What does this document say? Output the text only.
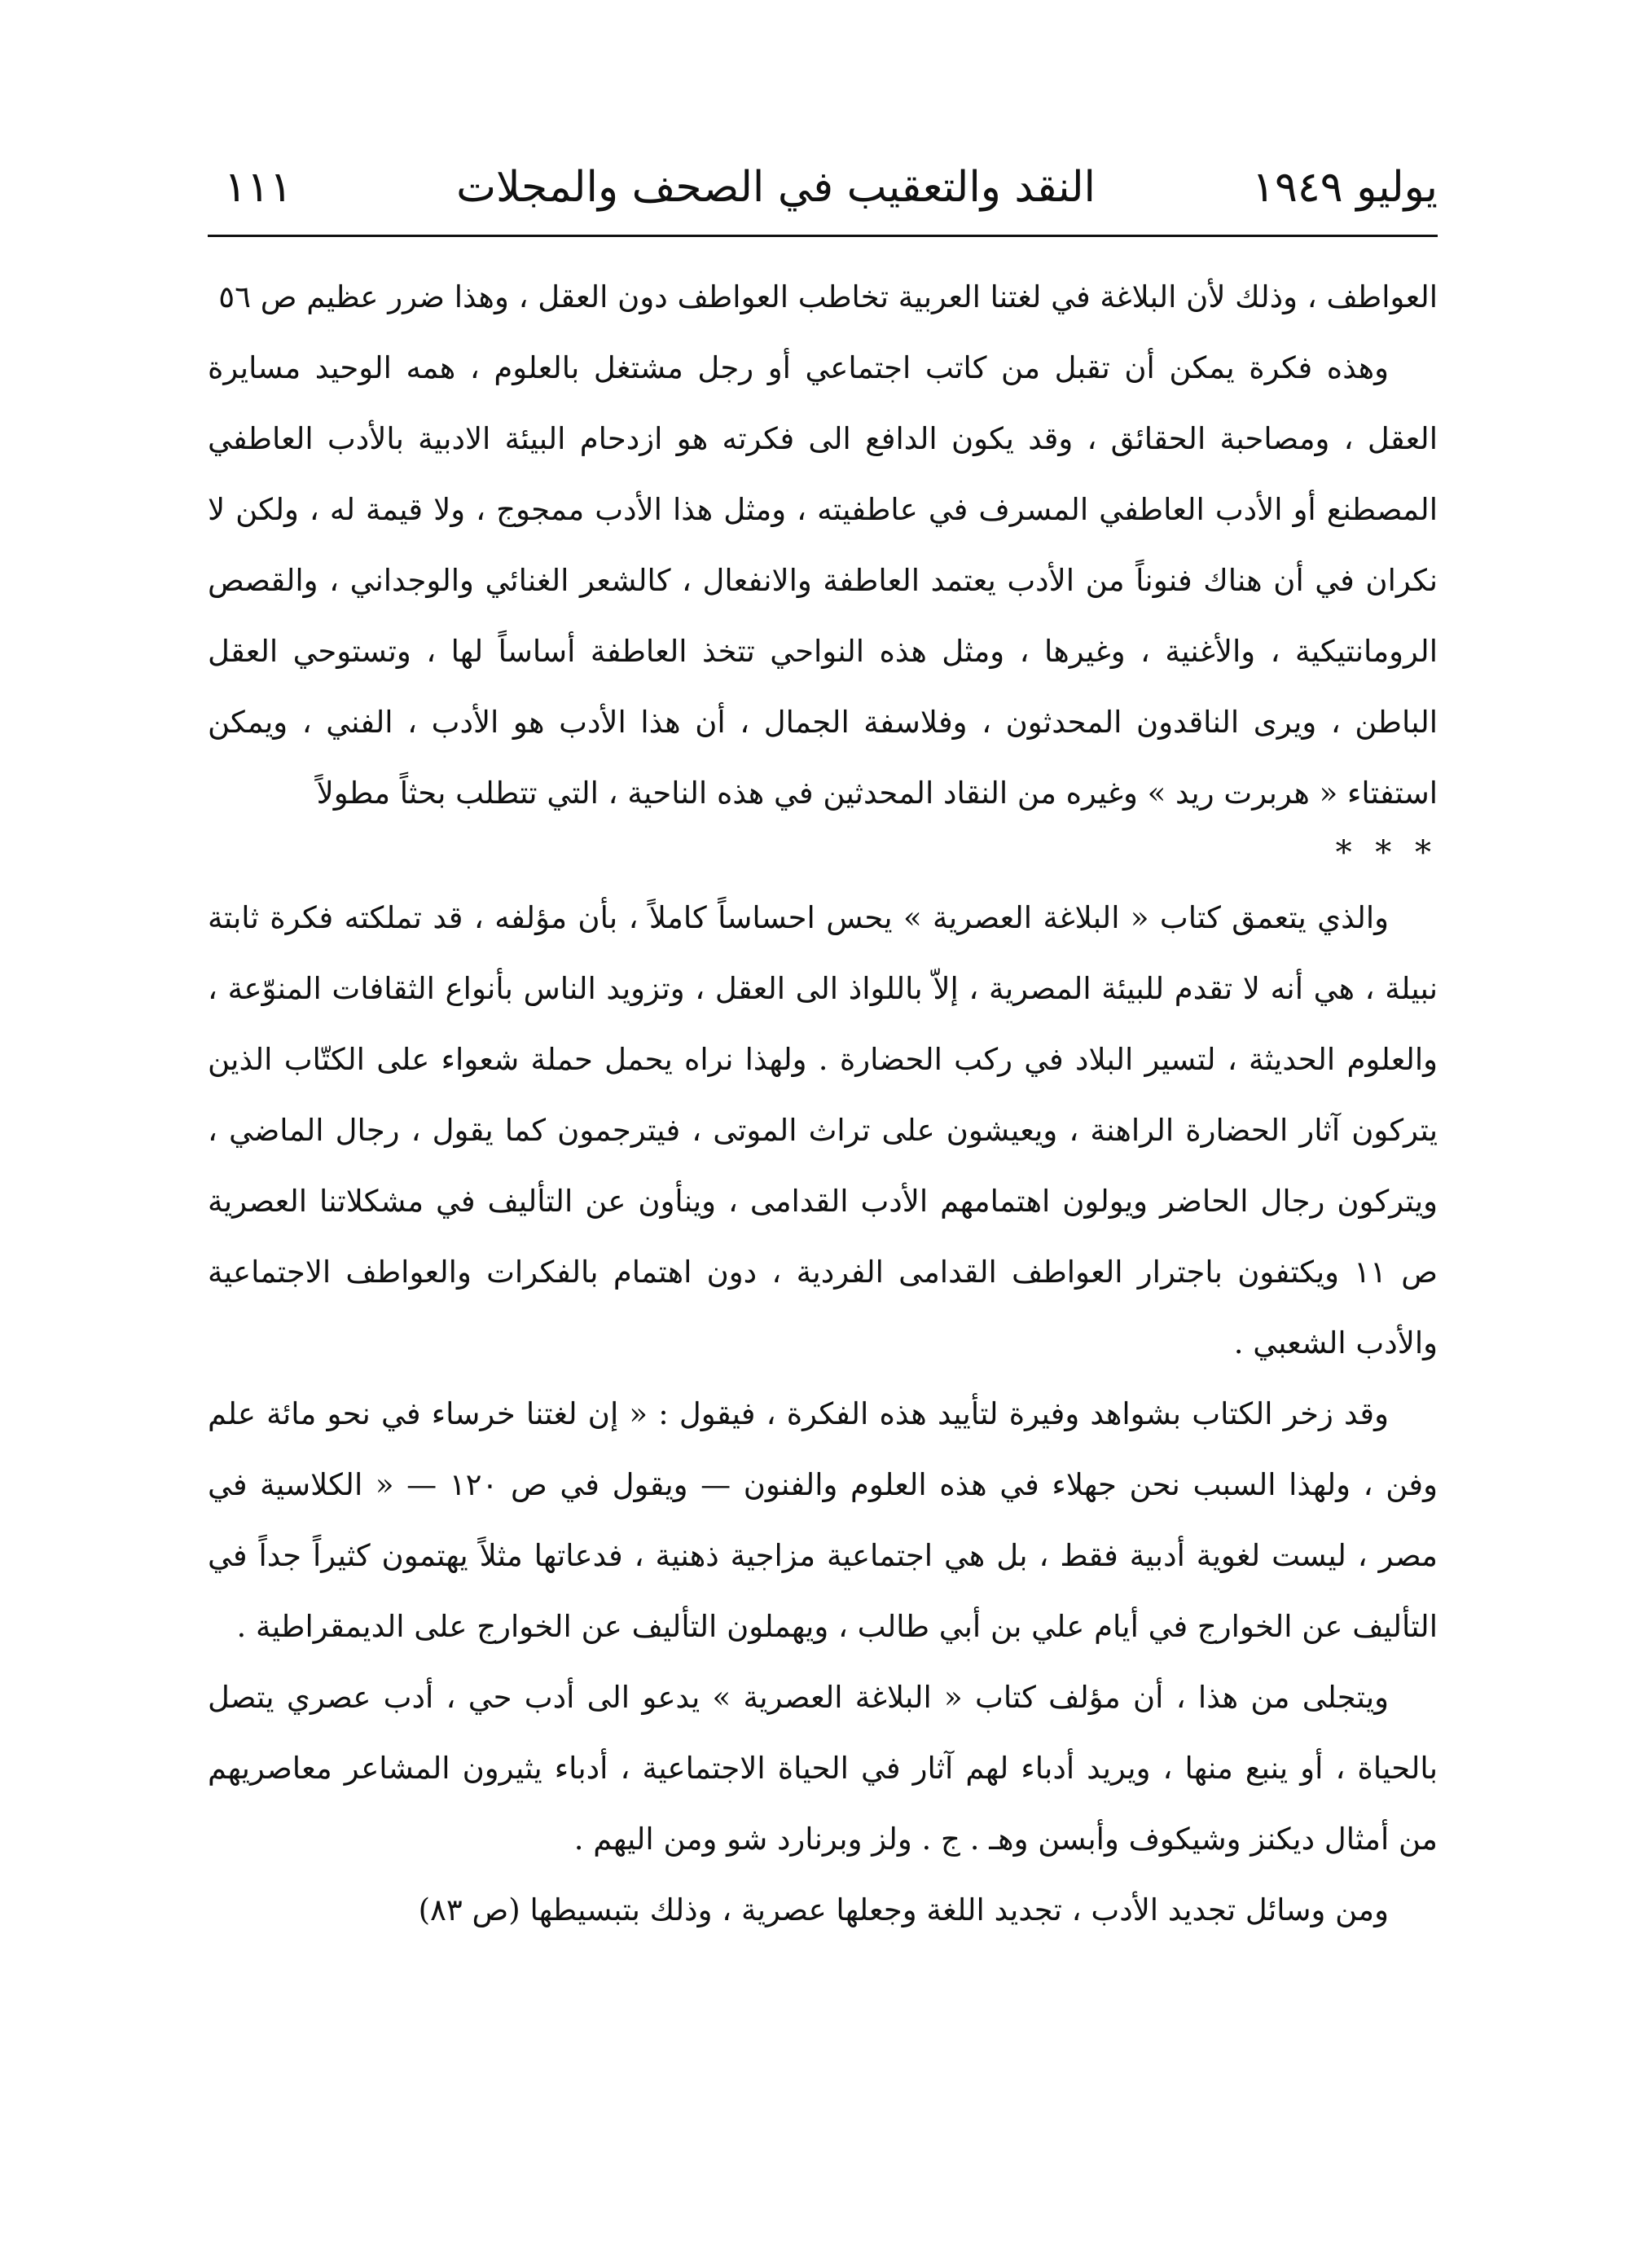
يوليو ١٩٤٩
النقد والتعقيب في الصحف والمجلات
١١١

العواطف ، وذلك لأن البلاغة في لغتنا العربية تخاطب العواطف دون العقل ، وهذا ضرر عظيم ص ٥٦

وهذه فكرة يمكن أن تقبل من كاتب اجتماعي أو رجل مشتغل بالعلوم ، همه الوحيد مسايرة العقل ، ومصاحبة الحقائق ، وقد يكون الدافع الى فكرته هو ازدحام البيئة الادبية بالأدب العاطفي المصطنع أو الأدب العاطفي المسرف في عاطفيته ، ومثل هذا الأدب ممجوج ، ولا قيمة له ، ولكن لا نكران في أن هناك فنوناً من الأدب يعتمد العاطفة والانفعال ، كالشعر الغنائي والوجداني ، والقصص الرومانتيكية ، والأغنية ، وغيرها ، ومثل هذه النواحي تتخذ العاطفة أساساً لها ، وتستوحي العقل الباطن ، ويرى الناقدون المحدثون ، وفلاسفة الجمال ، أن هذا الأدب هو الأدب ، الفني ، ويمكن استفتاء « هربرت ريد » وغيره من النقاد المحدثين في هذه الناحية ، التي تتطلب بحثاً مطولاً

* * *

والذي يتعمق كتاب « البلاغة العصرية » يحس احساساً كاملاً ، بأن مؤلفه ، قد تملكته فكرة ثابتة نبيلة ، هي أنه لا تقدم للبيئة المصرية ، إلاّ باللواذ الى العقل ، وتزويد الناس بأنواع الثقافات المنوّعة ، والعلوم الحديثة ، لتسير البلاد في ركب الحضارة . ولهذا نراه يحمل حملة شعواء على الكتّاب الذين يتركون آثار الحضارة الراهنة ، ويعيشون على تراث الموتى ، فيترجمون كما يقول ، رجال الماضي ، ويتركون رجال الحاضر ويولون اهتمامهم الأدب القدامى ، وينأون عن التأليف في مشكلاتنا العصرية ص ١١ ويكتفون باجترار العواطف القدامى الفردية ، دون اهتمام بالفكرات والعواطف الاجتماعية والأدب الشعبي .

وقد زخر الكتاب بشواهد وفيرة لتأييد هذه الفكرة ، فيقول : « إن لغتنا خرساء في نحو مائة علم وفن ، ولهذا السبب نحن جهلاء في هذه العلوم والفنون — ويقول في ص ١٢٠ — « الكلاسية في مصر ، ليست لغوية أدبية فقط ، بل هي اجتماعية مزاجية ذهنية ، فدعاتها مثلاً يهتمون كثيراً جداً في التأليف عن الخوارج في أيام علي بن أبي طالب ، ويهملون التأليف عن الخوارج على الديمقراطية .

ويتجلى من هذا ، أن مؤلف كتاب « البلاغة العصرية » يدعو الى أدب حي ، أدب عصري يتصل بالحياة ، أو ينبع منها ، ويريد أدباء لهم آثار في الحياة الاجتماعية ، أدباء يثيرون المشاعر معاصريهم من أمثال ديكنز وشيكوف وأبسن وهـ . ج . ولز وبرنارد شو ومن اليهم .

ومن وسائل تجديد الأدب ، تجديد اللغة وجعلها عصرية ، وذلك بتبسيطها (ص ٨٣)
